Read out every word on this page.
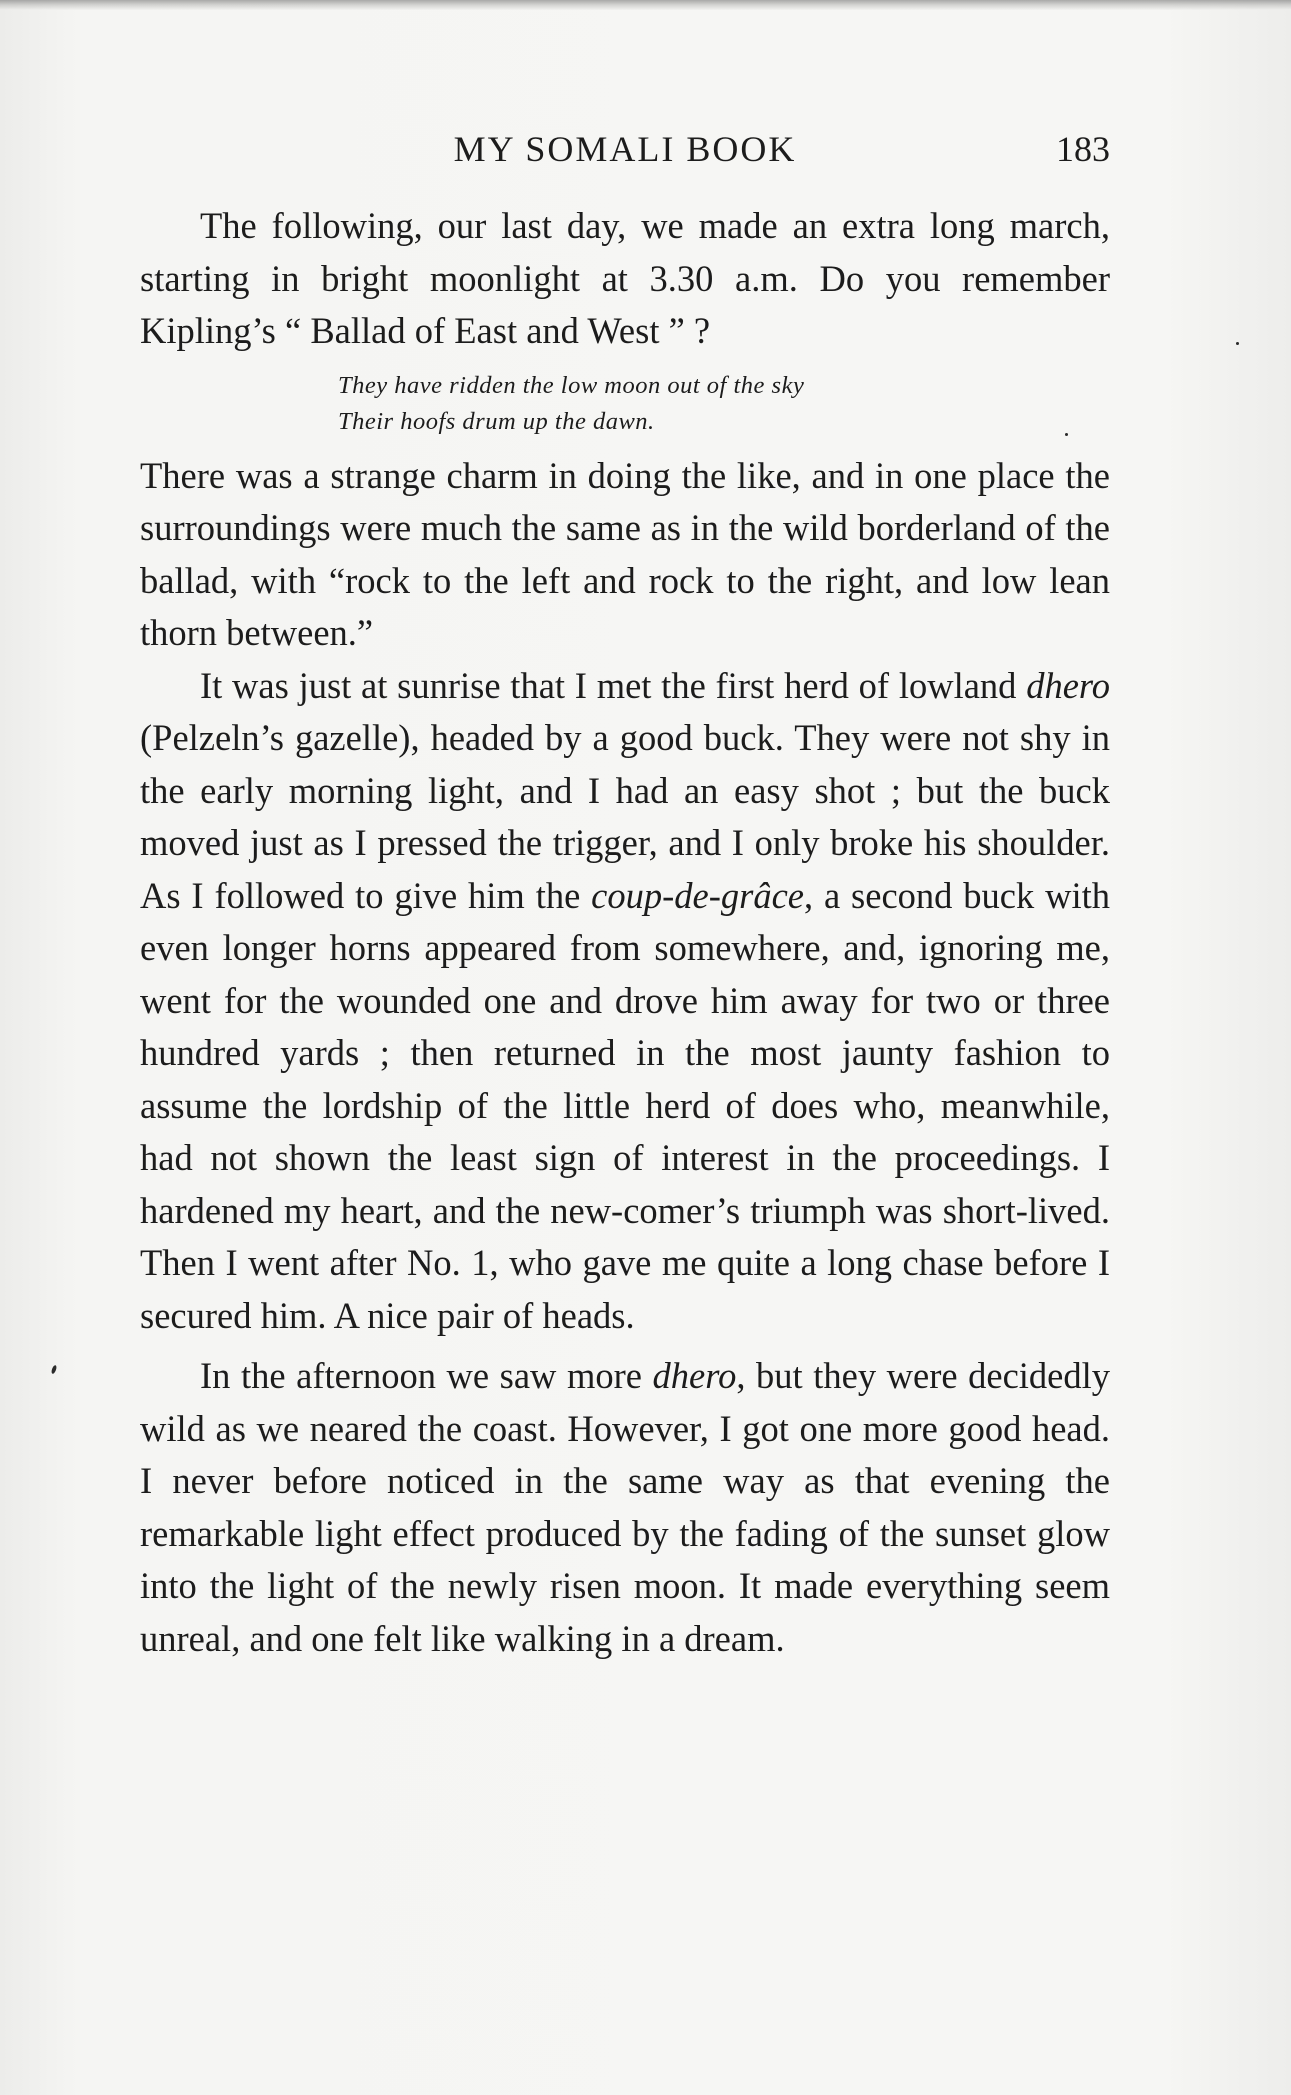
MY SOMALI BOOK	183

The following, our last day, we made an extra long march, starting in bright moonlight at 3.30 a.m. Do you remember Kipling’s “ Ballad of East and West ” ?

They have ridden the low moon out of the sky
Their hoofs drum up the dawn.

There was a strange charm in doing the like, and in one place the surroundings were much the same as in the wild borderland of the ballad, with “rock to the left and rock to the right, and low lean thorn between.”

It was just at sunrise that I met the first herd of lowland dhero (Pelzeln’s gazelle), headed by a good buck. They were not shy in the early morning light, and I had an easy shot ; but the buck moved just as I pressed the trigger, and I only broke his shoulder. As I followed to give him the coup-de-grâce, a second buck with even longer horns appeared from somewhere, and, ignoring me, went for the wounded one and drove him away for two or three hundred yards ; then returned in the most jaunty fashion to assume the lordship of the little herd of does who, meanwhile, had not shown the least sign of interest in the proceedings. I hardened my heart, and the new-comer’s triumph was short-lived. Then I went after No. 1, who gave me quite a long chase before I secured him. A nice pair of heads.

In the afternoon we saw more dhero, but they were decidedly wild as we neared the coast. However, I got one more good head. I never before noticed in the same way as that evening the remarkable light effect produced by the fading of the sunset glow into the light of the newly risen moon. It made everything seem unreal, and one felt like walking in a dream.
